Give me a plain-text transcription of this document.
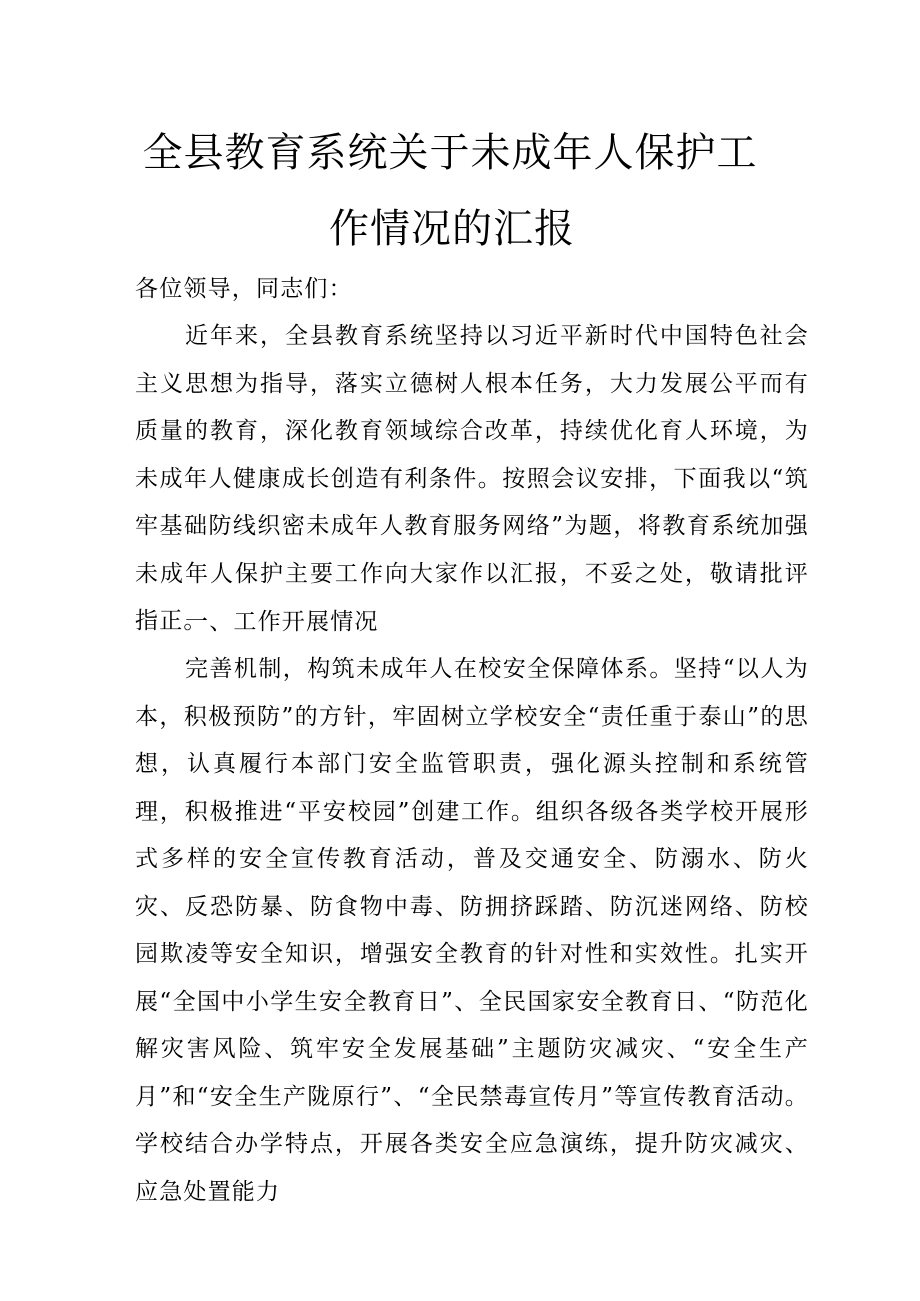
全县教育系统关于未成年人保护工
作情况的汇报

各位领导，同志们：

近年来，全县教育系统坚持以习近平新时代中国特色社会主义思想为指导，落实立德树人根本任务，大力发展公平而有质量的教育，深化教育领域综合改革，持续优化育人环境，为未成年人健康成长创造有利条件。按照会议安排，下面我以“筑牢基础防线织密未成年人教育服务网络”为题，将教育系统加强未成年人保护主要工作向大家作以汇报，不妥之处，敬请批评指正。

一、工作开展情况

完善机制，构筑未成年人在校安全保障体系。坚持“以人为本，积极预防”的方针，牢固树立学校安全“责任重于泰山”的思想，认真履行本部门安全监管职责，强化源头控制和系统管理，积极推进“平安校园”创建工作。组织各级各类学校开展形式多样的安全宣传教育活动，普及交通安全、防溺水、防火灾、反恐防暴、防食物中毒、防拥挤踩踏、防沉迷网络、防校园欺凌等安全知识，增强安全教育的针对性和实效性。扎实开展“全国中小学生安全教育日”、全民国家安全教育日、“防范化解灾害风险、筑牢安全发展基础”主题防灾减灾、“安全生产月”和“安全生产陇原行”、“全民禁毒宣传月”等宣传教育活动。学校结合办学特点，开展各类安全应急演练，提升防灾减灾、应急处置能力
